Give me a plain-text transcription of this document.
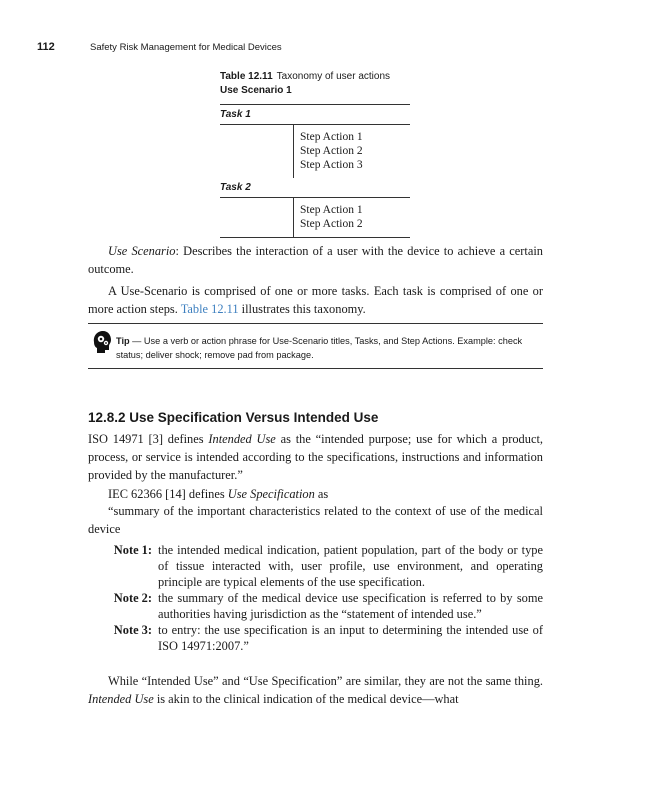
112	Safety Risk Management for Medical Devices
Table 12.11 Taxonomy of user actions
Use Scenario 1
Task 1
Step Action 1
Step Action 2
Step Action 3
Task 2
Step Action 1
Step Action 2
Use Scenario: Describes the interaction of a user with the device to achieve a certain outcome.
A Use-Scenario is comprised of one or more tasks. Each task is comprised of one or more action steps. Table 12.11 illustrates this taxonomy.
Tip — Use a verb or action phrase for Use-Scenario titles, Tasks, and Step Actions. Example: check status; deliver shock; remove pad from package.
12.8.2 Use Specification Versus Intended Use
ISO 14971 [3] defines Intended Use as the “intended purpose; use for which a product, process, or service is intended according to the specifications, instructions and information provided by the manufacturer.”
IEC 62366 [14] defines Use Specification as
“summary of the important characteristics related to the context of use of the medical device
Note 1: the intended medical indication, patient population, part of the body or type of tissue interacted with, user profile, use environment, and operating principle are typical elements of the use specification.
Note 2: the summary of the medical device use specification is referred to by some authorities having jurisdiction as the “statement of intended use.”
Note 3: to entry: the use specification is an input to determining the intended use of ISO 14971:2007.”
While “Intended Use” and “Use Specification” are similar, they are not the same thing. Intended Use is akin to the clinical indication of the medical device—what
